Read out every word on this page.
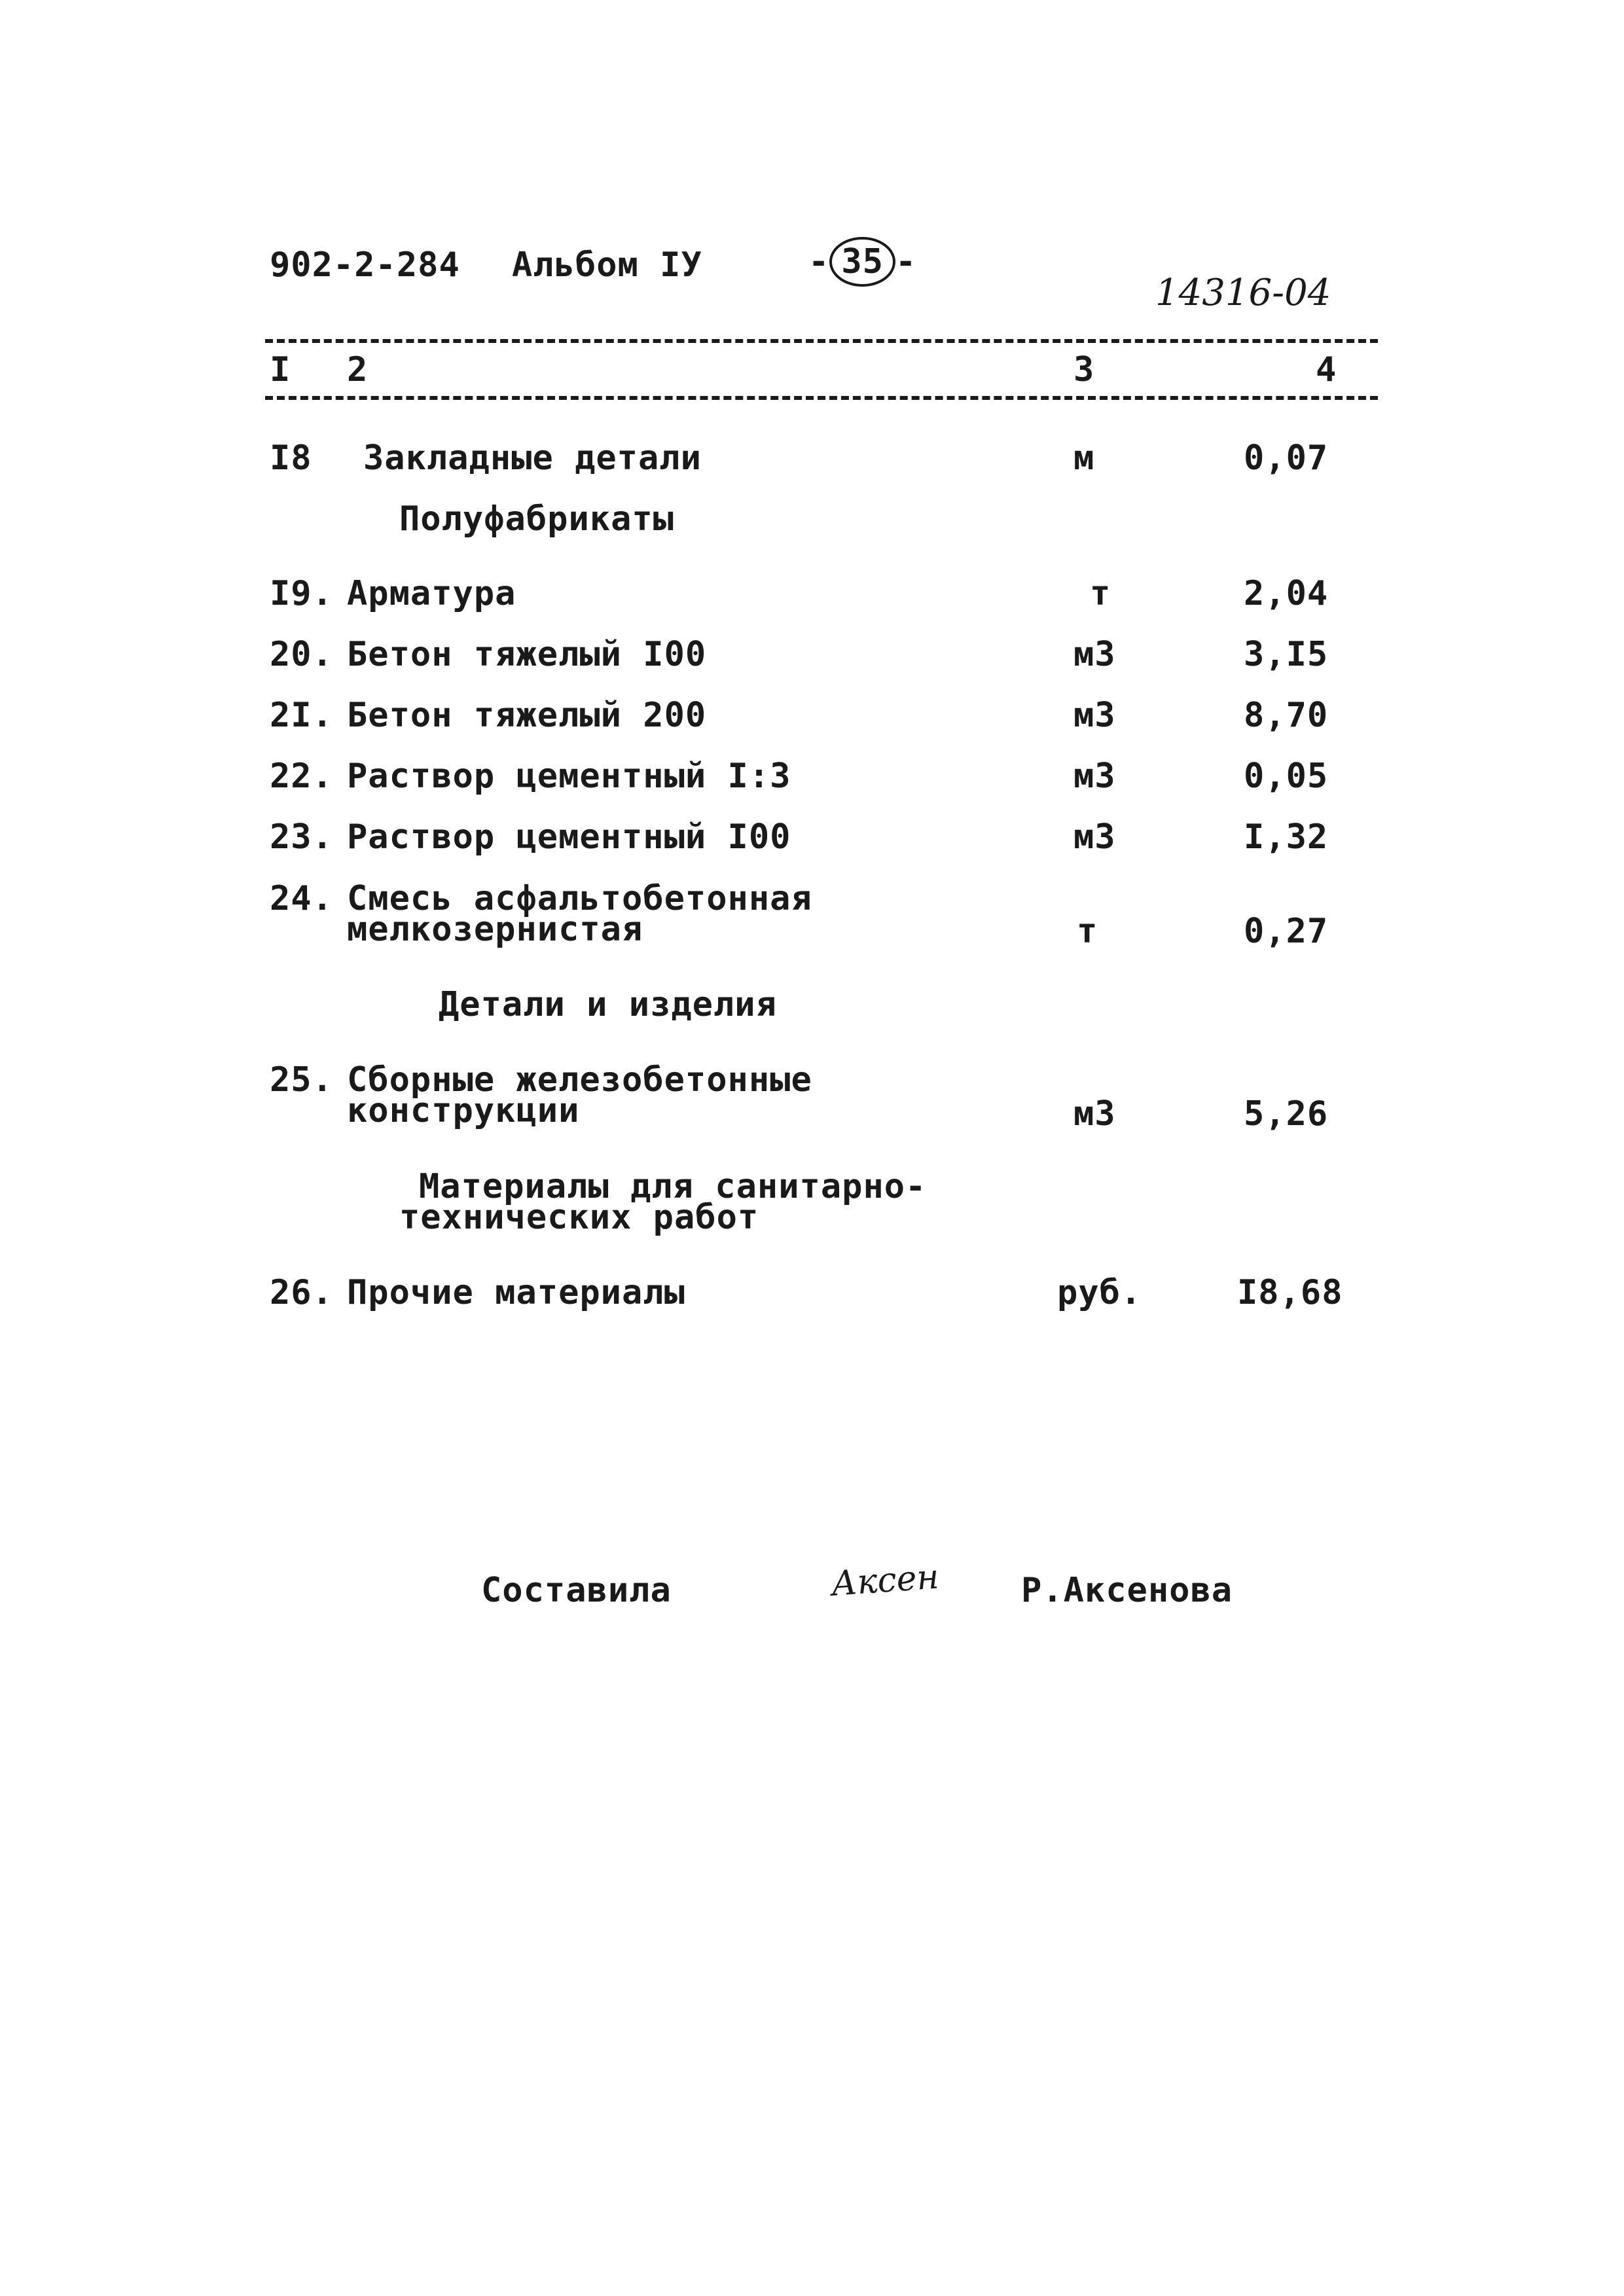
902-2-284 Альбом IУ	- 35 -
14316-04
I 2	3	4
I8 Закладные детали	м	0,07
Полуфабрикаты
I9. Арматура	т	2,04
20. Бетон тяжелый I00	м3	3,I5
2I. Бетон тяжелый 200	м3	8,70
22. Раствор цементный I:3	м3	0,05
23. Раствор цементный I00	м3	I,32
24. Смесь асфальтобетонная
мелкозернистая	т	0,27
Детали и изделия
25. Сборные железобетонные
конструкции	м3	5,26
Материалы для санитарно-
технических работ
26. Прочие материалы	руб.	I8,68
Составила	Аксен Р.Аксенова
